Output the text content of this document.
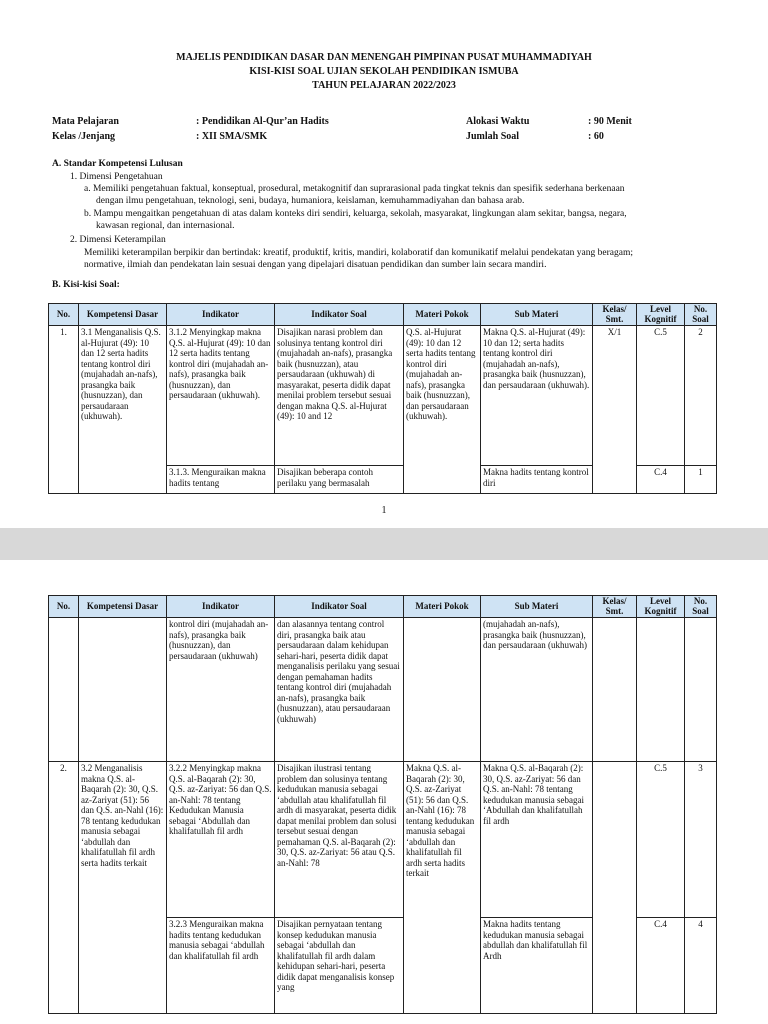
MAJELIS PENDIDIKAN DASAR DAN MENENGAH PIMPINAN PUSAT MUHAMMADIYAH
KISI-KISI SOAL UJIAN SEKOLAH PENDIDIKAN ISMUBA
TAHUN PELAJARAN 2022/2023
Mata Pelajaran	: Pendidikan Al-Qur’an Hadits	Alokasi Waktu	: 90 Menit
Kelas /Jenjang	: XII SMA/SMK	Jumlah Soal	: 60
A. Standar Kompetensi Lulusan
1. Dimensi Pengetahuan
a. Memiliki pengetahuan faktual, konseptual, prosedural, metakognitif dan suprarasional pada tingkat teknis dan spesifik sederhana berkenaan
dengan ilmu pengetahuan, teknologi, seni, budaya, humaniora, keislaman, kemuhammadiyahan dan bahasa arab.
b. Mampu mengaitkan pengetahuan di atas dalam konteks diri sendiri, keluarga, sekolah, masyarakat, lingkungan alam sekitar, bangsa, negara,
kawasan regional, dan internasional.
2. Dimensi Keterampilan
Memiliki keterampilan berpikir dan bertindak: kreatif, produktif, kritis, mandiri, kolaboratif dan komunikatif melalui pendekatan yang beragam;
normative, ilmiah dan pendekatan lain sesuai dengan yang dipelajari disatuan pendidikan dan sumber lain secara mandiri.
B. Kisi-kisi Soal:
No.	Kompetensi Dasar	Indikator	Indikator Soal	Materi Pokok	Sub Materi	Kelas/ Smt.	Level Kognitif	No. Soal
1.	3.1 Menganalisis Q.S. al-Hujurat (49): 10 dan 12 serta hadits tentang kontrol diri (mujahadah an-nafs), prasangka baik (husnuzzan), dan persaudaraan (ukhuwah).	3.1.2 Menyingkap makna Q.S. al-Hujurat (49): 10 dan 12 serta hadits tentang kontrol diri (mujahadah an-nafs), prasangka baik (husnuzzan), dan persaudaraan (ukhuwah).	Disajikan narasi problem dan solusinya tentang kontrol diri (mujahadah an-nafs), prasangka baik (husnuzzan), atau persaudaraan (ukhuwah) di masyarakat, peserta didik dapat menilai problem tersebut sesuai dengan makna Q.S. al-Hujurat (49): 10 and 12	Q.S. al-Hujurat (49): 10 dan 12 serta hadits tentang kontrol diri (mujahadah an-nafs), prasangka baik (husnuzzan), dan persaudaraan (ukhuwah).	Makna Q.S. al-Hujurat (49): 10 dan 12; serta hadits tentang kontrol diri (mujahadah an-nafs), prasangka baik (husnuzzan), dan persaudaraan (ukhuwah).	X/1	C.5	2
		3.1.3. Menguraikan makna hadits tentang	Disajikan beberapa contoh perilaku yang bermasalah		Makna hadits tentang kontrol diri		C.4	1
1
No.	Kompetensi Dasar	Indikator	Indikator Soal	Materi Pokok	Sub Materi	Kelas/ Smt.	Level Kognitif	No. Soal
		kontrol diri (mujahadah an-nafs), prasangka baik (husnuzzan), dan persaudaraan (ukhuwah)	dan alasannya tentang control diri, prasangka baik atau persaudaraan dalam kehidupan sehari-hari, peserta didik dapat menganalisis perilaku yang sesuai dengan pemahaman hadits tentang kontrol diri (mujahadah an-nafs), prasangka baik (husnuzzan), atau persaudaraan (ukhuwah)		(mujahadah an-nafs), prasangka baik (husnuzzan), dan persaudaraan (ukhuwah)			
2.	3.2 Menganalisis makna Q.S. al-Baqarah (2): 30, Q.S. az-Zariyat (51): 56 dan Q.S. an-Nahl (16): 78 tentang kedudukan manusia sebagai ‘abdullah dan khalifatullah fil ardh serta hadits terkait	3.2.2 Menyingkap makna Q.S. al-Baqarah (2): 30, Q.S. az-Zariyat: 56 dan Q.S. an-Nahl: 78 tentang Kedudukan Manusia sebagai ‘Abdullah dan khalifatullah fil ardh	Disajikan ilustrasi tentang problem dan solusinya tentang kedudukan manusia sebagai ‘abdullah atau khalifatullah fil ardh di masyarakat, peserta didik dapat menilai problem dan solusi tersebut sesuai dengan pemahaman Q.S. al-Baqarah (2): 30, Q.S. az-Zariyat: 56 atau Q.S. an-Nahl: 78	Makna Q.S. al-Baqarah (2): 30, Q.S. az-Zariyat (51): 56 dan Q.S. an-Nahl (16): 78 tentang kedudukan manusia sebagai ‘abdullah dan khalifatullah fil ardh serta hadits terkait	Makna Q.S. al-Baqarah (2): 30, Q.S. az-Zariyat: 56 dan Q.S. an-Nahl: 78 tentang kedudukan manusia sebagai ‘Abdullah dan khalifatullah fil ardh		C.5	3
		3.2.3 Menguraikan makna hadits tentang kedudukan manusia sebagai ‘abdullah dan khalifatullah fil ardh	Disajikan pernyataan tentang konsep kedudukan manusia sebagai ‘abdullah dan khalifatullah fil ardh dalam kehidupan sehari-hari, peserta didik dapat menganalisis konsep yang		Makna hadits tentang kedudukan manusia sebagai abdullah dan khalifatullah fil Ardh		C.4	4
